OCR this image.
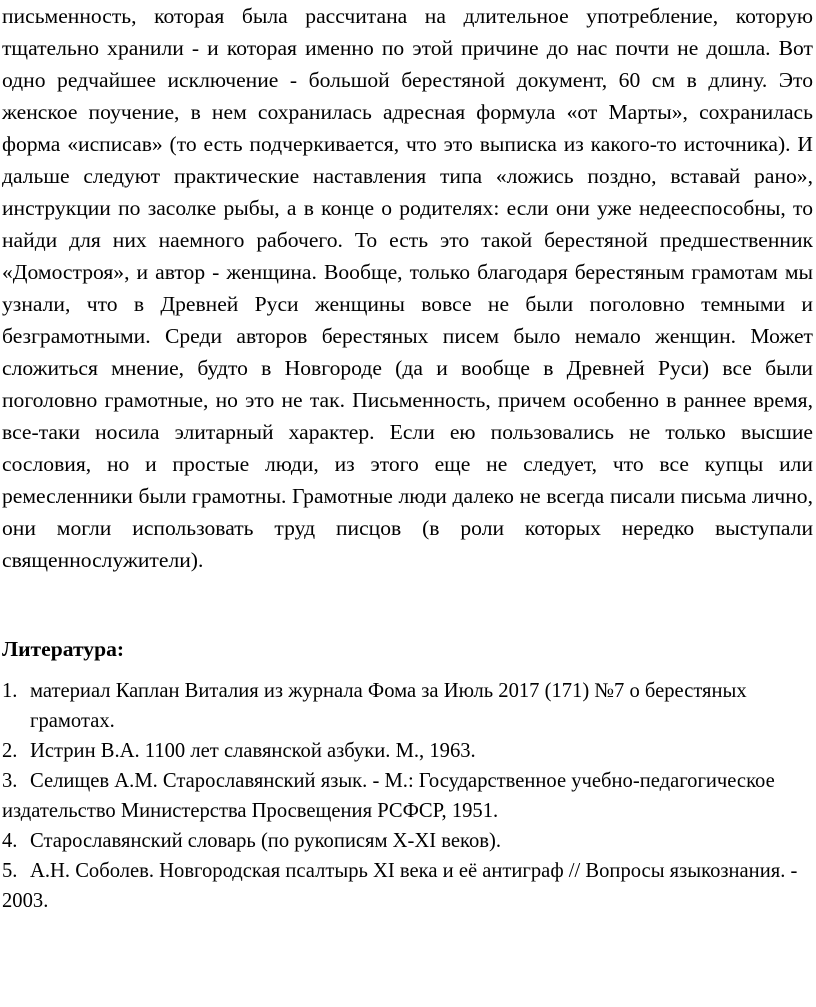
письменность, которая была рассчитана на длительное употребление, которую тщательно хранили - и которая именно по этой причине до нас почти не дошла. Вот одно редчайшее исключение - большой берестяной документ, 60 см в длину. Это женское поучение, в нем сохранилась адресная формула «от Марты», сохранилась форма «исписав» (то есть подчеркивается, что это выписка из какого-то источника). И дальше следуют практические наставления типа «ложись поздно, вставай рано», инструкции по засолке рыбы, а в конце о родителях: если они уже недееспособны, то найди для них наемного рабочего. То есть это такой берестяной предшественник «Домостроя», и автор - женщина. Вообще, только благодаря берестяным грамотам мы узнали, что в Древней Руси женщины вовсе не были поголовно темными и безграмотными. Среди авторов берестяных писем было немало женщин. Может сложиться мнение, будто в Новгороде (да и вообще в Древней Руси) все были поголовно грамотные, но это не так. Письменность, причем особенно в раннее время, все-таки носила элитарный характер. Если ею пользовались не только высшие сословия, но и простые люди, из этого еще не следует, что все купцы или ремесленники были грамотны. Грамотные люди далеко не всегда писали письма лично, они могли использовать труд писцов (в роли которых нередко выступали священнослужители).

Литература:
1. материал Каплан Виталия из журнала Фома за Июль 2017 (171) №7 о берестяных грамотах.
2. Истрин В.А. 1100 лет славянской азбуки. М., 1963.
3. Селищев А.М. Старославянский язык. - М.: Государственное учебно-педагогическое издательство Министерства Просвещения РСФСР, 1951.
4. Старославянский словарь (по рукописям X-XI веков).
5. А.Н. Соболев. Новгородская псалтырь XI века и её антиграф // Вопросы языкознания. - 2003.
